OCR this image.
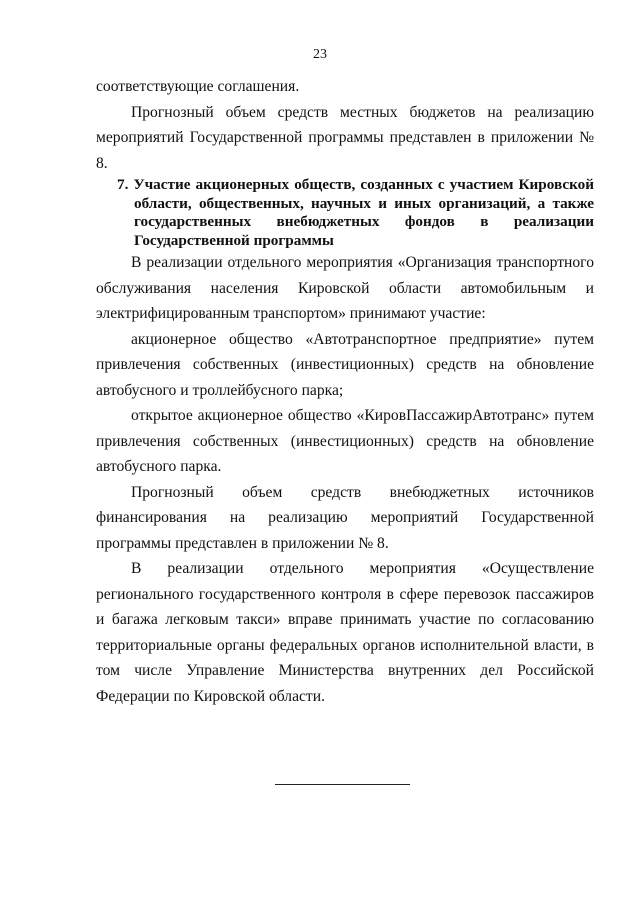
23

соответствующие соглашения.

Прогнозный объем средств местных бюджетов на реализацию мероприятий Государственной программы представлен в приложении № 8.

7. Участие акционерных обществ, созданных с участием Кировской области, общественных, научных и иных организаций, а также государственных внебюджетных фондов в реализации Государственной программы

В реализации отдельного мероприятия «Организация транспортного обслуживания населения Кировской области автомобильным и электрифицированным транспортом» принимают участие:

акционерное общество «Автотранспортное предприятие» путем привлечения собственных (инвестиционных) средств на обновление автобусного и троллейбусного парка;

открытое акционерное общество «КировПассажирАвтотранс» путем привлечения собственных (инвестиционных) средств на обновление автобусного парка.

Прогнозный объем средств внебюджетных источников финансирования на реализацию мероприятий Государственной программы представлен в приложении № 8.

В реализации отдельного мероприятия «Осуществление регионального государственного контроля в сфере перевозок пассажиров и багажа легковым такси» вправе принимать участие по согласованию территориальные органы федеральных органов исполнительной власти, в том числе Управление Министерства внутренних дел Российской Федерации по Кировской области.
